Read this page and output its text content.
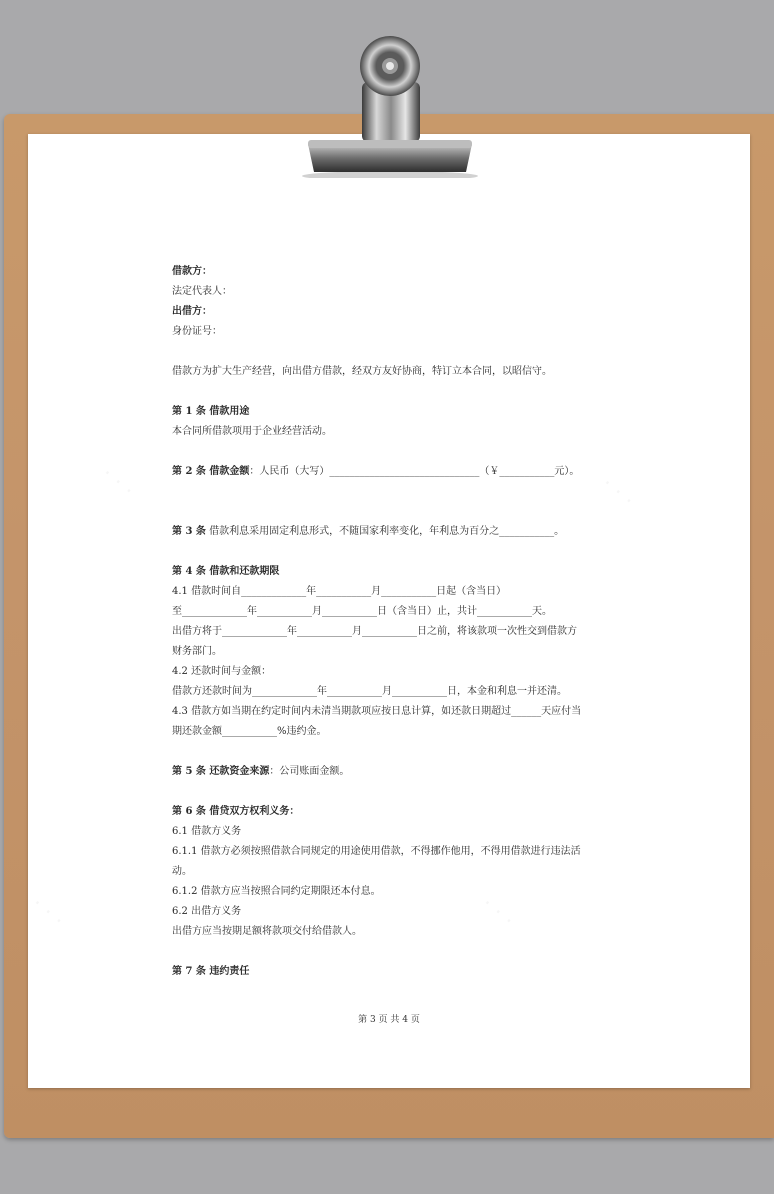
借款方：
法定代表人：
出借方：
身份证号：
借款方为扩大生产经营，向出借方借款，经双方友好协商，特订立本合同，以昭信守。
第 1 条 借款用途
本合同所借款项用于企业经营活动。
第 2 条 借款金额：人民币（大写）______________________________（￥___________元）。
第 3 条 借款利息采用固定利息形式，不随国家利率变化，年利息为百分之___________。
第 4 条 借款和还款期限
4.1 借款时间自_____________年___________月___________日起（含当日）
至_____________年___________月___________日（含当日）止，共计___________天。
出借方将于_____________年___________月___________日之前，将该款项一次性交到借款方
财务部门。
4.2 还款时间与金额：
借款方还款时间为_____________年___________月___________日，本金和利息一并还清。
4.3 借款方如当期在约定时间内未清当期款项应按日息计算，如还款日期超过______天应付当
期还款金额___________%违约金。
第 5 条 还款资金来源：公司账面金额。
第 6 条 借贷双方权利义务：
6.1 借款方义务
6.1.1 借款方必须按照借款合同规定的用途使用借款，不得挪作他用，不得用借款进行违法活
动。
6.1.2 借款方应当按照合同约定期限还本付息。
6.2 出借方义务
出借方应当按期足额将款项交付给借款人。
第 7 条 违约责任
第 3 页 共 4 页
